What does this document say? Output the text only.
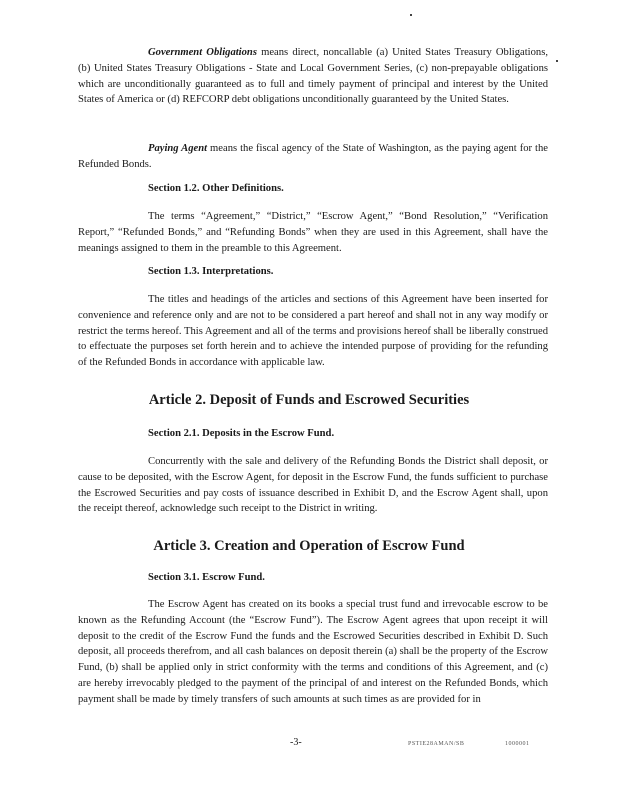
Government Obligations means direct, noncallable (a) United States Treasury Obligations, (b) United States Treasury Obligations - State and Local Government Series, (c) non-prepayable obligations which are unconditionally guaranteed as to full and timely payment of principal and interest by the United States of America or (d) REFCORP debt obligations unconditionally guaranteed by the United States.

Paying Agent means the fiscal agency of the State of Washington, as the paying agent for the Refunded Bonds.

Section 1.2. Other Definitions.

The terms “Agreement,” “District,” “Escrow Agent,” “Bond Resolution,” “Verification Report,” “Refunded Bonds,” and “Refunding Bonds” when they are used in this Agreement, shall have the meanings assigned to them in the preamble to this Agreement.

Section 1.3. Interpretations.

The titles and headings of the articles and sections of this Agreement have been inserted for convenience and reference only and are not to be considered a part hereof and shall not in any way modify or restrict the terms hereof. This Agreement and all of the terms and provisions hereof shall be liberally construed to effectuate the purposes set forth herein and to achieve the intended purpose of providing for the refunding of the Refunded Bonds in accordance with applicable law.

Article 2. Deposit of Funds and Escrowed Securities

Section 2.1. Deposits in the Escrow Fund.

Concurrently with the sale and delivery of the Refunding Bonds the District shall deposit, or cause to be deposited, with the Escrow Agent, for deposit in the Escrow Fund, the funds sufficient to purchase the Escrowed Securities and pay costs of issuance described in Exhibit D, and the Escrow Agent shall, upon the receipt thereof, acknowledge such receipt to the District in writing.

Article 3. Creation and Operation of Escrow Fund

Section 3.1. Escrow Fund.

The Escrow Agent has created on its books a special trust fund and irrevocable escrow to be known as the Refunding Account (the “Escrow Fund”). The Escrow Agent agrees that upon receipt it will deposit to the credit of the Escrow Fund the funds and the Escrowed Securities described in Exhibit D. Such deposit, all proceeds therefrom, and all cash balances on deposit therein (a) shall be the property of the Escrow Fund, (b) shall be applied only in strict conformity with the terms and conditions of this Agreement, and (c) are hereby irrevocably pledged to the payment of the principal of and interest on the Refunded Bonds, which payment shall be made by timely transfers of such amounts at such times as are provided for in

-3-	PSTIE28AMAN/SB	1000001
